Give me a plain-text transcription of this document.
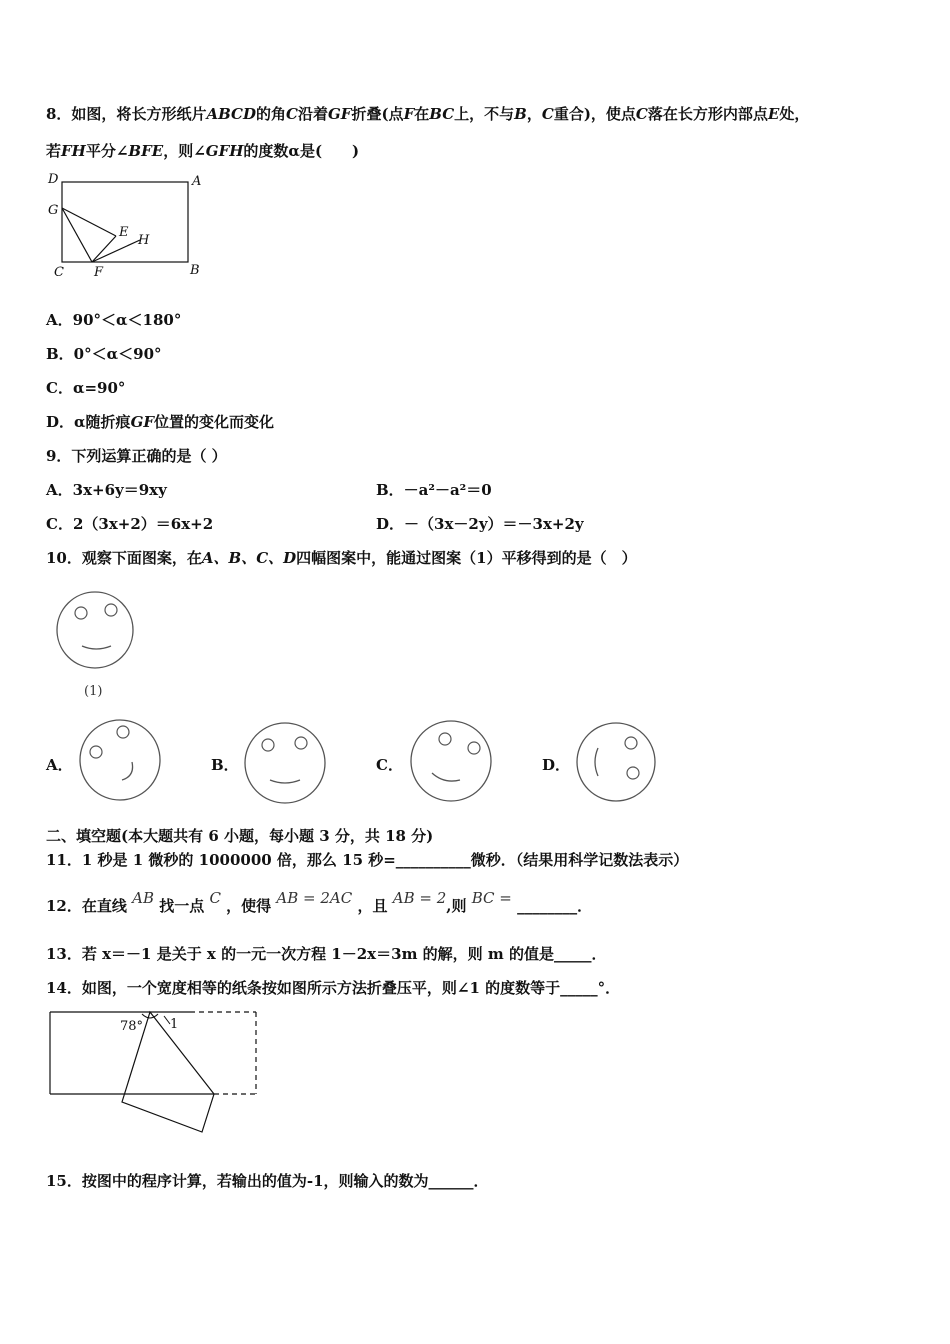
8．如图，将长方形纸片ABCD的角C沿着GF折叠(点F在BC上，不与B，C重合)，使点C落在长方形内部点E处，
若FH平分∠BFE，则∠GFH的度数α是(　　)
D	A
G
E
H
C F	B
A．90°＜α＜180°
B．0°＜α＜90°
C．α=90°
D．α随折痕GF位置的变化而变化
9．下列运算正确的是（ ）
A．3x+6y＝9xy	B．－a²－a²＝0
C．2（3x+2）＝6x+2	D．－（3x－2y）＝－3x+2y
10．观察下面图案，在A、B、C、D四幅图案中，能通过图案（1）平移得到的是（　）
(1)
A．	B．	C．	D．
二、填空题(本大题共有 6 小题，每小题 3 分，共 18 分)
11．1 秒是 1 微秒的 1000000 倍，那么 15 秒=__________微秒．（结果用科学记数法表示）
12．在直线 AB 找一点 C ，使得 AB = 2AC ，且 AB = 2,则 BC = ________．
13．若 x＝－1 是关于 x 的一元一次方程 1－2x＝3m 的解，则 m 的值是_____．
14．如图，一个宽度相等的纸条按如图所示方法折叠压平，则∠1 的度数等于_____°．
78° 1
15．按图中的程序计算，若输出的值为-1，则输入的数为______．
